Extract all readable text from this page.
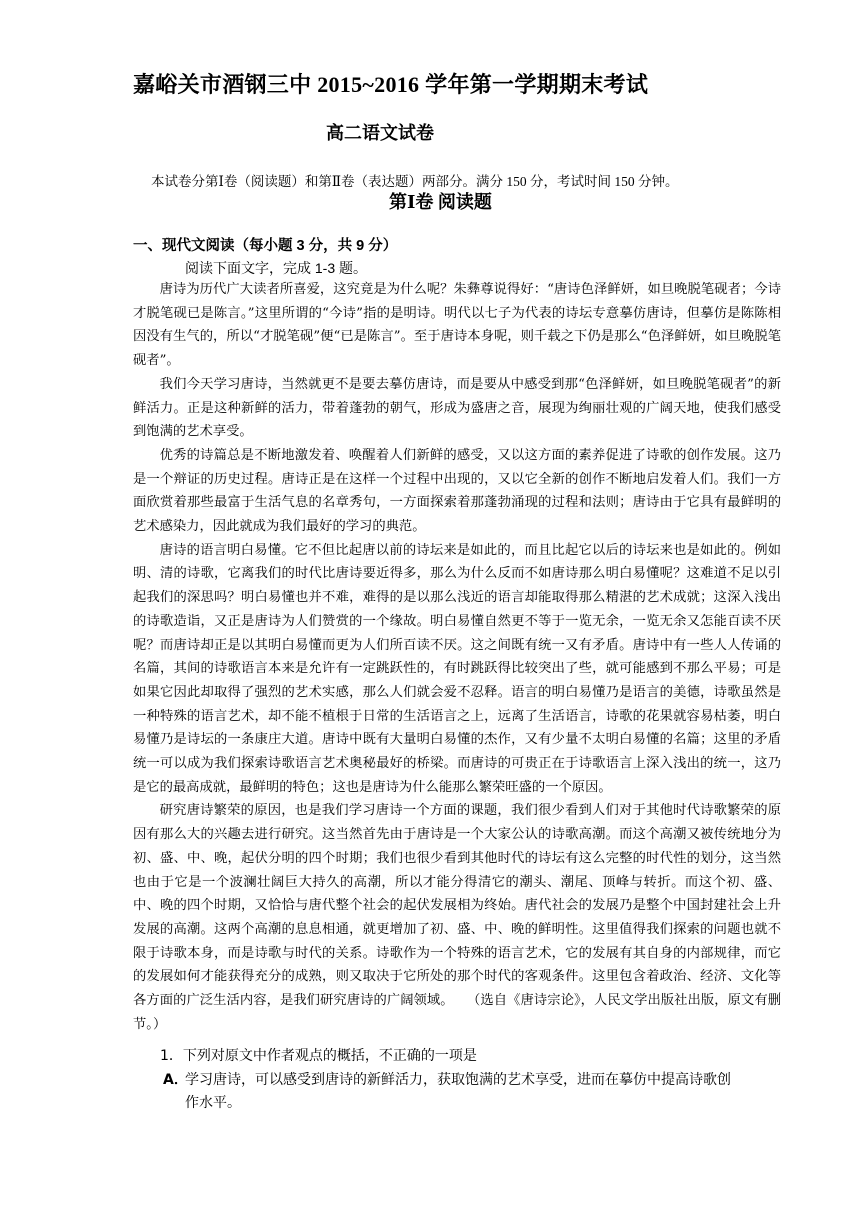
嘉峪关市酒钢三中 2015~2016 学年第一学期期末考试
高二语文试卷
本试卷分第Ⅰ卷（阅读题）和第Ⅱ卷（表达题）两部分。满分 150 分，考试时间 150 分钟。
第Ⅰ卷 阅读题
一、现代文阅读（每小题 3 分，共 9 分）
阅读下面文字，完成 1-3 题。

唐诗为历代广大读者所喜爱，这究竟是为什么呢？朱彝尊说得好：“唐诗色泽鲜妍，如旦晚脱笔砚者；今诗才脱笔砚已是陈言。”这里所谓的“今诗”指的是明诗。明代以七子为代表的诗坛专意摹仿唐诗，但摹仿是陈陈相因没有生气的，所以“才脱笔砚”便“已是陈言”。至于唐诗本身呢，则千载之下仍是那么“色泽鲜妍，如旦晚脱笔砚者”。

我们今天学习唐诗，当然就更不是要去摹仿唐诗，而是要从中感受到那“色泽鲜妍，如旦晚脱笔砚者”的新鲜活力。正是这种新鲜的活力，带着蓬勃的朝气，形成为盛唐之音，展现为绚丽壮观的广阔天地，使我们感受到饱满的艺术享受。

优秀的诗篇总是不断地激发着、唤醒着人们新鲜的感受，又以这方面的素养促进了诗歌的创作发展。这乃是一个辩证的历史过程。唐诗正是在这样一个过程中出现的，又以它全新的创作不断地启发着人们。我们一方面欣赏着那些最富于生活气息的名章秀句，一方面探索着那蓬勃涌现的过程和法则；唐诗由于它具有最鲜明的艺术感染力，因此就成为我们最好的学习的典范。

唐诗的语言明白易懂。它不但比起唐以前的诗坛来是如此的，而且比起它以后的诗坛来也是如此的。例如明、清的诗歌，它离我们的时代比唐诗要近得多，那么为什么反而不如唐诗那么明白易懂呢？这难道不足以引起我们的深思吗？明白易懂也并不难，难得的是以那么浅近的语言却能取得那么精湛的艺术成就；这深入浅出的诗歌造诣，又正是唐诗为人们赞赏的一个缘故。明白易懂自然更不等于一览无余，一览无余又怎能百读不厌呢？而唐诗却正是以其明白易懂而更为人们所百读不厌。这之间既有统一又有矛盾。唐诗中有一些人人传诵的名篇，其间的诗歌语言本来是允许有一定跳跃性的，有时跳跃得比较突出了些，就可能感到不那么平易；可是如果它因此却取得了强烈的艺术实感，那么人们就会爱不忍释。语言的明白易懂乃是语言的美德，诗歌虽然是一种特殊的语言艺术，却不能不植根于日常的生活语言之上，远离了生活语言，诗歌的花果就容易枯萎，明白易懂乃是诗坛的一条康庄大道。唐诗中既有大量明白易懂的杰作，又有少量不太明白易懂的名篇；这里的矛盾统一可以成为我们探索诗歌语言艺术奥秘最好的桥梁。而唐诗的可贵正在于诗歌语言上深入浅出的统一，这乃是它的最高成就，最鲜明的特色；这也是唐诗为什么能那么繁荣旺盛的一个原因。

研究唐诗繁荣的原因，也是我们学习唐诗一个方面的课题，我们很少看到人们对于其他时代诗歌繁荣的原因有那么大的兴趣去进行研究。这当然首先由于唐诗是一个大家公认的诗歌高潮。而这个高潮又被传统地分为初、盛、中、晚，起伏分明的四个时期；我们也很少看到其他时代的诗坛有这么完整的时代性的划分，这当然也由于它是一个波澜壮阔巨大持久的高潮，所以才能分得清它的潮头、潮尾、顶峰与转折。而这个初、盛、中、晚的四个时期，又恰恰与唐代整个社会的起伏发展相为终始。唐代社会的发展乃是整个中国封建社会上升发展的高潮。这两个高潮的息息相通，就更增加了初、盛、中、晚的鲜明性。这里值得我们探索的问题也就不限于诗歌本身，而是诗歌与时代的关系。诗歌作为一个特殊的语言艺术，它的发展有其自身的内部规律，而它的发展如何才能获得充分的成熟，则又取决于它所处的那个时代的客观条件。这里包含着政治、经济、文化等各方面的广泛生活内容，是我们研究唐诗的广阔领域。　　（选自《唐诗宗论》，人民文学出版社出版，原文有删节。）

1．下列对原文中作者观点的概括，不正确的一项是
A．学习唐诗，可以感受到唐诗的新鲜活力，获取饱满的艺术享受，进而在摹仿中提高诗歌创
作水平。
